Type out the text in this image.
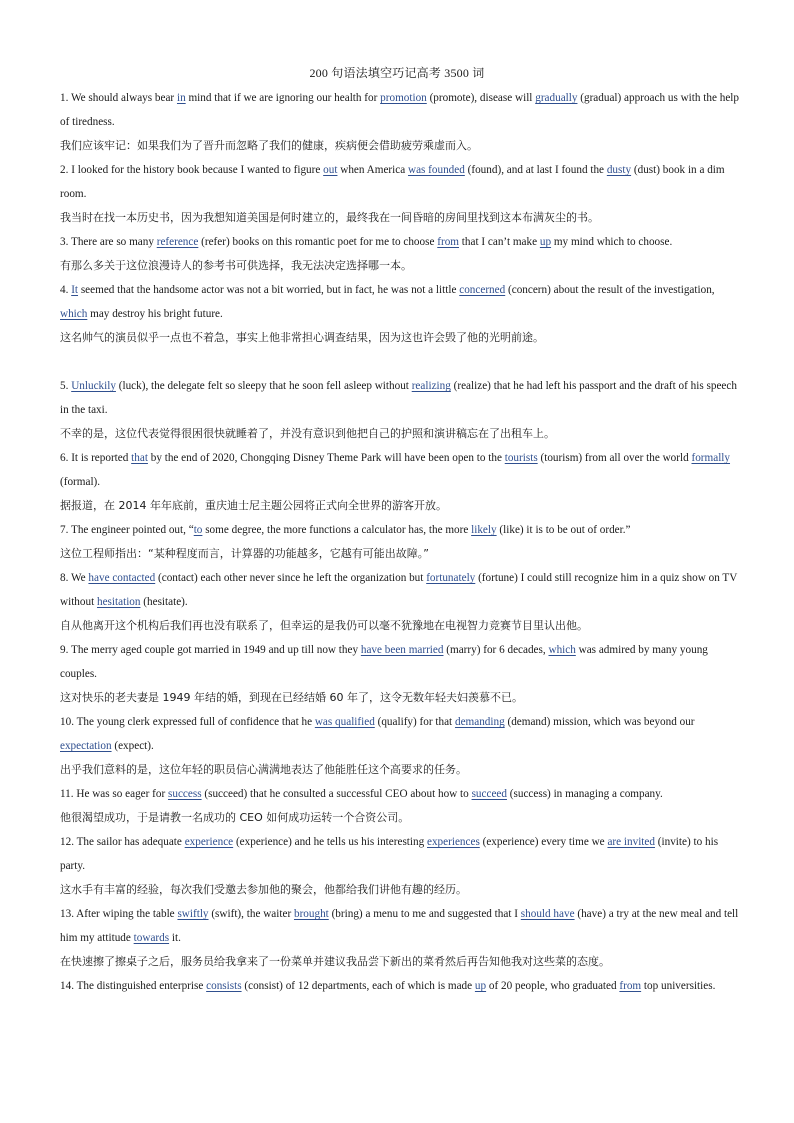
200 句语法填空巧记高考 3500 词
1. We should always bear in mind that if we are ignoring our health for promotion (promote), disease will gradually (gradual) approach us with the help of tiredness.
我们应该牢记：如果我们为了晋升而忽略了我们的健康，疾病便会借助疲劳乘虚而入。
2. I looked for the history book because I wanted to figure out when America was founded (found), and at last I found the dusty (dust) book in a dim room.
我当时在找一本历史书，因为我想知道美国是何时建立的，最终我在一间昏暗的房间里找到这本布满灰尘的书。
3. There are so many reference (refer) books on this romantic poet for me to choose from that I can’t make up my mind which to choose.
有那么多关于这位浪漫诗人的参考书可供选择，我无法决定选择哪一本。
4. It seemed that the handsome actor was not a bit worried, but in fact, he was not a little concerned (concern) about the result of the investigation, which may destroy his bright future.
这名帅气的演员似乎一点也不着急，事实上他非常担心调查结果，因为这也许会毁了他的光明前途。
5. Unluckily (luck), the delegate felt so sleepy that he soon fell asleep without realizing (realize) that he had left his passport and the draft of his speech in the taxi.
不幸的是，这位代表觉得很困很快就睡着了，并没有意识到他把自己的护照和演讲稿忘在了出租车上。
6. It is reported that by the end of 2020, Chongqing Disney Theme Park will have been open to the tourists (tourism) from all over the world formally (formal).
据报道，在 2014 年年底前，重庆迪士尼主题公园将正式向全世界的游客开放。
7. The engineer pointed out, “to some degree, the more functions a calculator has, the more likely (like) it is to be out of order.”
这位工程师指出：“某种程度而言，计算器的功能越多，它越有可能出故障。”
8. We have contacted (contact) each other never since he left the organization but fortunately (fortune) I could still recognize him in a quiz show on TV without hesitation (hesitate).
自从他离开这个机构后我们再也没有联系了，但幸运的是我仍可以毫不犹豫地在电视智力竞赛节目里认出他。
9. The merry aged couple got married in 1949 and up till now they have been married (marry) for 6 decades, which was admired by many young couples.
这对快乐的老夫妻是 1949 年结的婚，到现在已经结婚 60 年了，这令无数年轻夫妇羡慕不已。
10. The young clerk expressed full of confidence that he was qualified (qualify) for that demanding (demand) mission, which was beyond our expectation (expect).
出乎我们意料的是，这位年轻的职员信心满满地表达了他能胜任这个高要求的任务。
11. He was so eager for success (succeed) that he consulted a successful CEO about how to succeed (success) in managing a company.
他很渴望成功，于是请教一名成功的 CEO 如何成功运转一个合资公司。
12. The sailor has adequate experience (experience) and he tells us his interesting experiences (experience) every time we are invited (invite) to his party.
这水手有丰富的经验，每次我们受邀去参加他的聚会，他都给我们讲他有趣的经历。
13. After wiping the table swiftly (swift), the waiter brought (bring) a menu to me and suggested that I should have (have) a try at the new meal and tell him my attitude towards it.
在快速擦了擦桌子之后，服务员给我拿来了一份菜单并建议我品尝下新出的菜肴然后再告知他我对这些菜的态度。
14. The distinguished enterprise consists (consist) of 12 departments, each of which is made up of 20 people, who graduated from top universities.
